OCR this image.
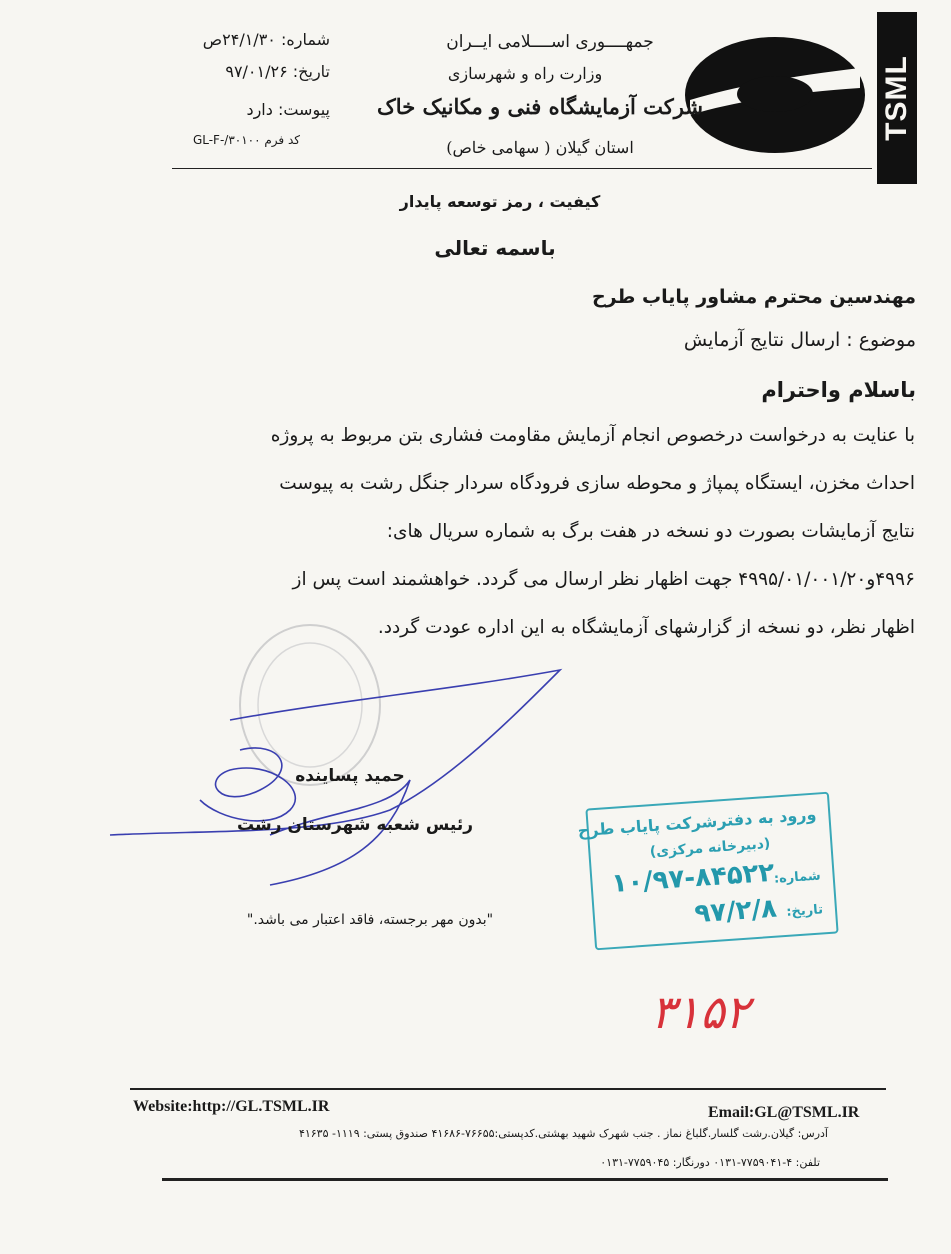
TSML
جمهــــوری اســــلامی ایــران
وزارت راه و شهرسازی
شرکت آزمایشگاه فنی و مکانیک خاک
استان گیلان ( سهامی خاص)
شماره: ۲۴/۱/۳۰ص
تاریخ: ۹۷/۰۱/۲۶
پیوست: دارد
کد فرم GL-F-/۳۰۱۰۰
کیفیت ، رمز توسعه پایدار
باسمه تعالی
مهندسین محترم مشاور پایاب طرح
موضوع : ارسال نتایج آزمایش
باسلام واحترام

با عنایت به درخواست درخصوص انجام آزمایش مقاومت فشاری بتن مربوط به پروژه

احداث مخزن، ایستگاه پمپاژ و محوطه سازی فرودگاه سردار جنگل رشت به پیوست

نتایج آزمایشات بصورت دو نسخه در هفت برگ به شماره سریال های:

۴۹۹۶و۴۹۹۵/۰۱/۰۰۱/۲۰ جهت اظهار نظر ارسال می گردد. خواهشمند است پس از

اظهار نظر، دو نسخه از گزارشهای آزمایشگاه به این اداره عودت گردد.

حمید پساینده
رئیس شعبه شهرستان رشت
"بدون مهر برجسته، فاقد اعتبار می باشد."
ورود به دفترشرکت پایاب طرح
(دبیرخانه مرکزی)
شماره:
۱۰/۹۷-۸۴۵۲۲
تاریخ:
۹۷/۲/۸
۳۱۵۲
Website:http://GL.TSML.IR	Email:GL@TSML.IR
آدرس: گیلان.رشت گلسار.گلباغ نماز . جنب شهرک شهید بهشتی.کدپستی:۷۶۶۵۵-۴۱۶۸۶ صندوق پستی: ۱۱۱۹- ۴۱۶۳۵
تلفن: ۴-۷۷۵۹۰۴۱-۰۱۳۱ دورنگار: ۷۷۵۹۰۴۵-۰۱۳۱
